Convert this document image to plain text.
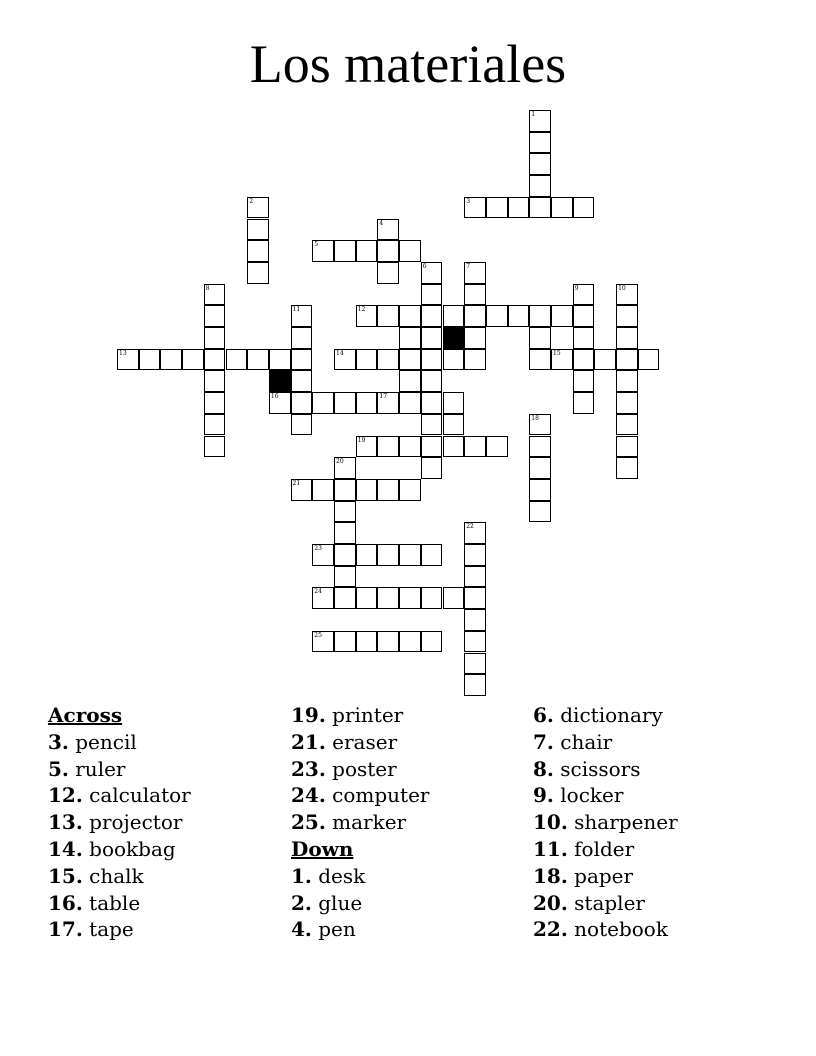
Los materiales
1
2	3
4
5
6	7
8	9	10
11	12
13	14	15
16	17
18
19
20
21
22
23
24
25
Across
3. pencil
5. ruler
12. calculator
13. projector
14. bookbag
15. chalk
16. table
17. tape
19. printer
21. eraser
23. poster
24. computer
25. marker
Down
1. desk
2. glue
4. pen
6. dictionary
7. chair
8. scissors
9. locker
10. sharpener
11. folder
18. paper
20. stapler
22. notebook
